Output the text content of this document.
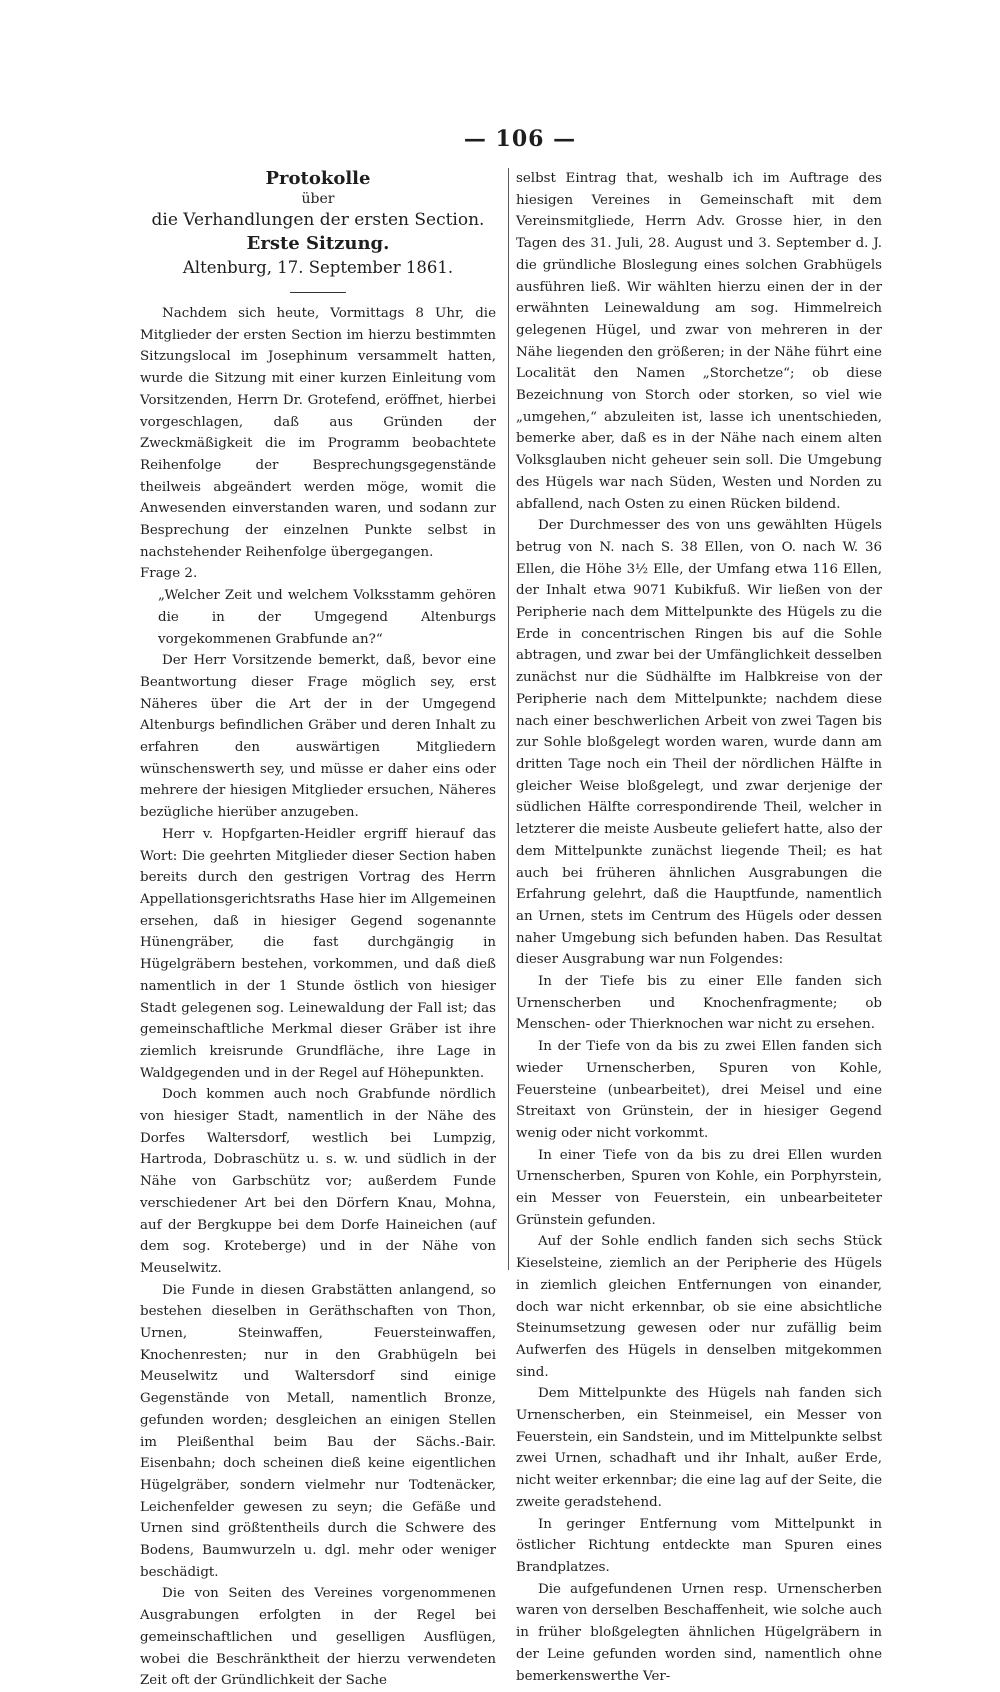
— 106 —
Protokolle
über
die Verhandlungen der ersten Section.
Erste Sitzung.
Altenburg, 17. September 1861.

Nachdem sich heute, Vormittags 8 Uhr, die Mitglieder der ersten Section im hierzu bestimmten Sitzungslocal im Josephinum versammelt hatten, wurde die Sitzung mit einer kurzen Einleitung vom Vorsitzenden, Herrn Dr. Grotefend, eröffnet, hierbei vorgeschlagen, daß aus Gründen der Zweckmäßigkeit die im Programm beobachtete Reihenfolge der Besprechungsgegenstände theilweis abgeändert werden möge, womit die Anwesenden einverstanden waren, und sodann zur Besprechung der einzelnen Punkte selbst in nachstehender Reihenfolge übergegangen.

Frage 2.

„Welcher Zeit und welchem Volksstamm gehören die in der Umgegend Altenburgs vorgekommenen Grabfunde an?“

Der Herr Vorsitzende bemerkt, daß, bevor eine Beantwortung dieser Frage möglich sey, erst Näheres über die Art der in der Umgegend Altenburgs befindlichen Gräber und deren Inhalt zu erfahren den auswärtigen Mitgliedern wünschenswerth sey, und müsse er daher eins oder mehrere der hiesigen Mitglieder ersuchen, Näheres bezügliche hierüber anzugeben.

Herr v. Hopfgarten-Heidler ergriff hierauf das Wort: Die geehrten Mitglieder dieser Section haben bereits durch den gestrigen Vortrag des Herrn Appellationsgerichtsraths Hase hier im Allgemeinen ersehen, daß in hiesiger Gegend sogenannte Hünengräber, die fast durchgängig in Hügelgräbern bestehen, vorkommen, und daß dieß namentlich in der 1 Stunde östlich von hiesiger Stadt gelegenen sog. Leinewaldung der Fall ist; das gemeinschaftliche Merkmal dieser Gräber ist ihre ziemlich kreisrunde Grundfläche, ihre Lage in Waldgegenden und in der Regel auf Höhepunkten.

Doch kommen auch noch Grabfunde nördlich von hiesiger Stadt, namentlich in der Nähe des Dorfes Waltersdorf, westlich bei Lumpzig, Hartroda, Dobraschütz u. s. w. und südlich in der Nähe von Garbschütz vor; außerdem Funde verschiedener Art bei den Dörfern Knau, Mohna, auf der Bergkuppe bei dem Dorfe Haineichen (auf dem sog. Kroteberge) und in der Nähe von Meuselwitz.

Die Funde in diesen Grabstätten anlangend, so bestehen dieselben in Geräthschaften von Thon, Urnen, Steinwaffen, Feuersteinwaffen, Knochenresten; nur in den Grabhügeln bei Meuselwitz und Waltersdorf sind einige Gegenstände von Metall, namentlich Bronze, gefunden worden; desgleichen an einigen Stellen im Pleißenthal beim Bau der Sächs.-Bair. Eisenbahn; doch scheinen dieß keine eigentlichen Hügelgräber, sondern vielmehr nur Todtenäcker, Leichenfelder gewesen zu seyn; die Gefäße und Urnen sind größtentheils durch die Schwere des Bodens, Baumwurzeln u. dgl. mehr oder weniger beschädigt.

Die von Seiten des Vereines vorgenommenen Ausgrabungen erfolgten in der Regel bei gemeinschaftlichen und geselligen Ausflügen, wobei die Beschränktheit der hierzu verwendeten Zeit oft der Gründlichkeit der Sache

selbst Eintrag that, weshalb ich im Auftrage des hiesigen Vereines in Gemeinschaft mit dem Vereinsmitgliede, Herrn Adv. Grosse hier, in den Tagen des 31. Juli, 28. August und 3. September d. J. die gründliche Bloslegung eines solchen Grabhügels ausführen ließ. Wir wählten hierzu einen der in der erwähnten Leinewaldung am sog. Himmelreich gelegenen Hügel, und zwar von mehreren in der Nähe liegenden den größeren; in der Nähe führt eine Localität den Namen „Storchetze“; ob diese Bezeichnung von Storch oder storken, so viel wie „umgehen,“ abzuleiten ist, lasse ich unentschieden, bemerke aber, daß es in der Nähe nach einem alten Volksglauben nicht geheuer sein soll. Die Umgebung des Hügels war nach Süden, Westen und Norden zu abfallend, nach Osten zu einen Rücken bildend.

Der Durchmesser des von uns gewählten Hügels betrug von N. nach S. 38 Ellen, von O. nach W. 36 Ellen, die Höhe 3½ Elle, der Umfang etwa 116 Ellen, der Inhalt etwa 9071 Kubikfuß. Wir ließen von der Peripherie nach dem Mittelpunkte des Hügels zu die Erde in concentrischen Ringen bis auf die Sohle abtragen, und zwar bei der Umfänglichkeit desselben zunächst nur die Südhälfte im Halbkreise von der Peripherie nach dem Mittelpunkte; nachdem diese nach einer beschwerlichen Arbeit von zwei Tagen bis zur Sohle bloßgelegt worden waren, wurde dann am dritten Tage noch ein Theil der nördlichen Hälfte in gleicher Weise bloßgelegt, und zwar derjenige der südlichen Hälfte correspondirende Theil, welcher in letzterer die meiste Ausbeute geliefert hatte, also der dem Mittelpunkte zunächst liegende Theil; es hat auch bei früheren ähnlichen Ausgrabungen die Erfahrung gelehrt, daß die Hauptfunde, namentlich an Urnen, stets im Centrum des Hügels oder dessen naher Umgebung sich befunden haben. Das Resultat dieser Ausgrabung war nun Folgendes:

In der Tiefe bis zu einer Elle fanden sich Urnenscherben und Knochenfragmente; ob Menschen- oder Thierknochen war nicht zu ersehen.

In der Tiefe von da bis zu zwei Ellen fanden sich wieder Urnenscherben, Spuren von Kohle, Feuersteine (unbearbeitet), drei Meisel und eine Streitaxt von Grünstein, der in hiesiger Gegend wenig oder nicht vorkommt.

In einer Tiefe von da bis zu drei Ellen wurden Urnenscherben, Spuren von Kohle, ein Porphyrstein, ein Messer von Feuerstein, ein unbearbeiteter Grünstein gefunden.

Auf der Sohle endlich fanden sich sechs Stück Kieselsteine, ziemlich an der Peripherie des Hügels in ziemlich gleichen Entfernungen von einander, doch war nicht erkennbar, ob sie eine absichtliche Steinumsetzung gewesen oder nur zufällig beim Aufwerfen des Hügels in denselben mitgekommen sind.

Dem Mittelpunkte des Hügels nah fanden sich Urnenscherben, ein Steinmeisel, ein Messer von Feuerstein, ein Sandstein, und im Mittelpunkte selbst zwei Urnen, schadhaft und ihr Inhalt, außer Erde, nicht weiter erkennbar; die eine lag auf der Seite, die zweite geradstehend.

In geringer Entfernung vom Mittelpunkt in östlicher Richtung entdeckte man Spuren eines Brandplatzes.

Die aufgefundenen Urnen resp. Urnenscherben waren von derselben Beschaffenheit, wie solche auch in früher bloßgelegten ähnlichen Hügelgräbern in der Leine gefunden worden sind, namentlich ohne bemerkenswerthe Ver-
